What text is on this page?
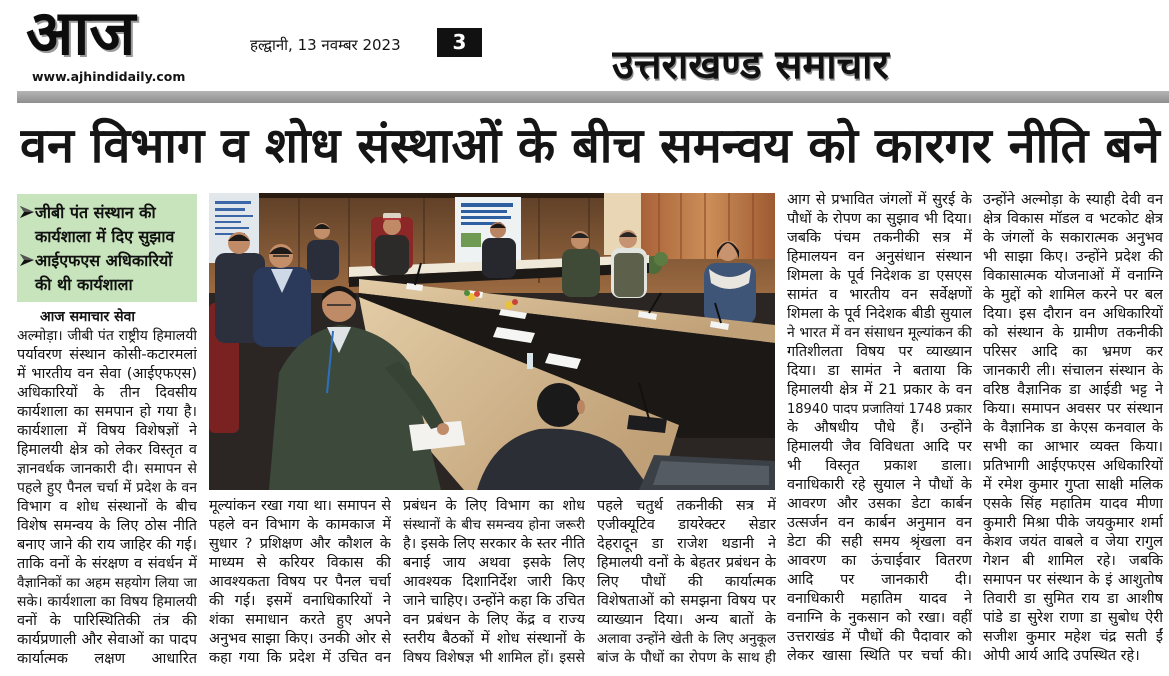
आज
www.ajhindidaily.com
हल्द्वानी, 13 नवम्बर 2023	3	उत्तराखण्ड समाचार
वन विभाग व शोध संस्थाओं के बीच समन्वय को कारगर नीति बने
जीबी पंत संस्थान की
कार्यशाला में दिए सुझाव
आईएफएस अधिकारियों
की थी कार्यशाला
आज समाचार सेवा
अल्मोड़ा। जीबी पंत राष्ट्रीय हिमालयी
पर्यावरण संस्थान कोसी-कटारमलां
में भारतीय वन सेवा (आईएफएस)
अधिकारियों के तीन दिवसीय
कार्यशाला का समपान हो गया है।
कार्यशाला में विषय विशेषज्ञों ने
हिमालयी क्षेत्र को लेकर विस्तृत व
ज्ञानवर्धक जानकारी दी। समापन से
पहले हुए पैनल चर्चा में प्रदेश के वन
विभाग व शोध संस्थानों के बीच
विशेष समन्वय के लिए ठोस नीति
बनाए जाने की राय जाहिर की गई।
ताकि वनों के संरक्षण व संवर्धन में
वैज्ञानिकों का अहम सहयोग लिया जा
सके। कार्यशाला का विषय हिमालयी
वनों के पारिस्थितिकी तंत्र की
कार्यप्रणाली और सेवाओं का पादप
कार्यात्मक लक्षण आधारित
मूल्यांकन रखा गया था। समापन से
पहले वन विभाग के कामकाज में
सुधार ? प्रशिक्षण और कौशल के
माध्यम से करियर विकास की
आवश्यकता विषय पर पैनल चर्चा
की गई। इसमें वनाधिकारियों ने
शंका समाधान करते हुए अपने
अनुभव साझा किए। उनकी ओर से
कहा गया कि प्रदेश में उचित वन
प्रबंधन के लिए विभाग का शोध
संस्थानों के बीच समन्वय होना जरूरी
है। इसके लिए सरकार के स्तर नीति
बनाई जाय अथवा इसके लिए
आवश्यक दिशानिर्देश जारी किए
जाने चाहिए। उन्होंने कहा कि उचित
वन प्रबंधन के लिए केंद्र व राज्य
स्तरीय बैठकों में शोध संस्थानों के
विषय विशेषज्ञ भी शामिल हों। इससे
पहले चतुर्थ तकनीकी सत्र में
एजीक्यूटिव डायरेक्टर सेडार
देहरादून डा राजेश थडानी ने
हिमालयी वनों के बेहतर प्रबंधन के
लिए पौधों की कार्यात्मक
विशेषताओं को समझना विषय पर
व्याख्यान दिया। अन्य बातों के
अलावा उन्होंने खेती के लिए अनुकूल
बांज के पौधों का रोपण के साथ ही
आग से प्रभावित जंगलों में सुरई के
पौधों के रोपण का सुझाव भी दिया।
जबकि पंचम तकनीकी सत्र में
हिमालयन वन अनुसंधान संस्थान
शिमला के पूर्व निदेशक डा एसएस
सामंत व भारतीय वन सर्वेक्षणों
शिमला के पूर्व निदेशक बीडी सुयाल
ने भारत में वन संसाधन मूल्यांकन की
गतिशीलता विषय पर व्याख्यान
दिया। डा सामंत ने बताया कि
हिमालयी क्षेत्र में 21 प्रकार के वन
18940 पादप प्रजातियां 1748 प्रकार
के औषधीय पौधे हैं। उन्होंने
हिमालयी जैव विविधता आदि पर
भी विस्तृत प्रकाश डाला।
वनाधिकारी रहे सुयाल ने पौधों के
आवरण और उसका डेटा कार्बन
उत्सर्जन वन कार्बन अनुमान वन
डेटा की सही समय श्रृंखला वन
आवरण का ऊंचाईवार वितरण
आदि पर जानकारी दी।
वनाधिकारी महातिम यादव ने
वनाग्नि के नुकसान को रखा। वहीं
उत्तराखंड में पौधों की पैदावार को
लेकर खासा स्थिति पर चर्चा की।
उन्होंने अल्मोड़ा के स्याही देवी वन
क्षेत्र विकास मॉडल व भटकोट क्षेत्र
के जंगलों के सकारात्मक अनुभव
भी साझा किए। उन्होंने प्रदेश की
विकासात्मक योजनाओं में वनाग्नि
के मुद्दों को शामिल करने पर बल
दिया। इस दौरान वन अधिकारियों
को संस्थान के ग्रामीण तकनीकी
परिसर आदि का भ्रमण कर
जानकारी ली। संचालन संस्थान के
वरिष्ठ वैज्ञानिक डा आईडी भट्ट ने
किया। समापन अवसर पर संस्थान
के वैज्ञानिक डा केएस कनवाल के
सभी का आभार व्यक्त किया।
प्रतिभागी आईएफएस अधिकारियों
में रमेश कुमार गुप्ता साक्षी मलिक
एसके सिंह महातिम यादव मीणा
कुमारी मिश्रा पीके जयकुमार शर्मा
केशव जयंत वाबले व जेया रागुल
गेशन बी शामिल रहे। जबकि
समापन पर संस्थान के इं आशुतोष
तिवारी डा सुमित राय डा आशीष
पांडे डा सुरेश राणा डा सुबोध ऐरी
सजीश कुमार महेश चंद्र सती ईं
ओपी आर्य आदि उपस्थित रहे।
